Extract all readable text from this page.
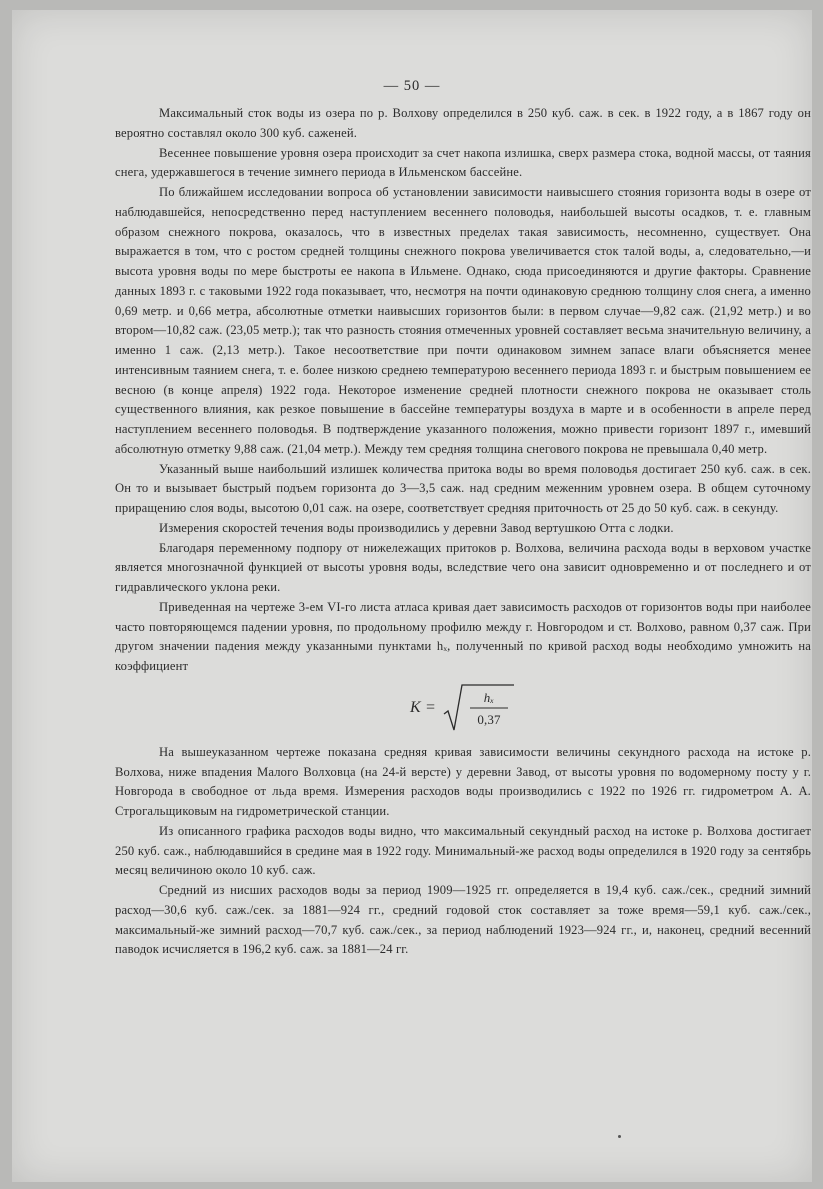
— 50 —

Максимальный сток воды из озера по р. Волхову определился в 250 куб. саж. в сек. в 1922 году, а в 1867 году он вероятно составлял около 300 куб. саженей.

Весеннее повышение уровня озера происходит за счет накопа излишка, сверх размера стока, водной массы, от таяния снега, удержавшегося в течение зимнего периода в Ильменском бассейне.

По ближайшем исследовании вопроса об установлении зависимости наивысшего стояния горизонта воды в озере от наблюдавшейся, непосредственно перед наступлением весеннего половодья, наибольшей высоты осадков, т. е. главным образом снежного покрова, оказалось, что в известных пределах такая зависимость, несомненно, существует. Она выражается в том, что с ростом средней толщины снежного покрова увеличивается сток талой воды, а, следовательно,—и высота уровня воды по мере быстроты ее накопа в Ильмене. Однако, сюда присоединяются и другие факторы. Сравнение данных 1893 г. с таковыми 1922 года показывает, что, несмотря на почти одинаковую среднюю толщину слоя снега, а именно 0,69 метр. и 0,66 метра, абсолютные отметки наивысших горизонтов были: в первом случае—9,82 саж. (21,92 метр.) и во втором—10,82 саж. (23,05 метр.); так что разность стояния отмеченных уровней составляет весьма значительную величину, а именно 1 саж. (2,13 метр.). Такое несоответствие при почти одинаковом зимнем запасе влаги объясняется менее интенсивным таянием снега, т. е. более низкою среднею температурою весеннего периода 1893 г. и быстрым повышением ее весною (в конце апреля) 1922 года. Некоторое изменение средней плотности снежного покрова не оказывает столь существенного влияния, как резкое повышение в бассейне температуры воздуха в марте и в особенности в апреле перед наступлением весеннего половодья. В подтверждение указанного положения, можно привести горизонт 1897 г., имевший абсолютную отметку 9,88 саж. (21,04 метр.). Между тем средняя толщина снегового покрова не превышала 0,40 метр.

Указанный выше наибольший излишек количества притока воды во время половодья достигает 250 куб. саж. в сек. Он то и вызывает быстрый подъем горизонта до 3—3,5 саж. над средним меженним уровнем озера. В общем суточному приращению слоя воды, высотою 0,01 саж. на озере, соответствует средняя приточность от 25 до 50 куб. саж. в секунду.

Измерения скоростей течения воды производились у деревни Завод вертушкою Отта с лодки.

Благодаря переменному подпору от нижележащих притоков р. Волхова, величина расхода воды в верховом участке является многозначной функцией от высоты уровня воды, вследствие чего она зависит одновременно и от последнего и от гидравлического уклона реки.

Приведенная на чертеже 3-ем VI-го листа атласа кривая дает зависимость расходов от горизонтов воды при наиболее часто повторяющемся падении уровня, по продольному профилю между г. Новгородом и ст. Волхово, равном 0,37 саж. При другом значении падения между указанными пунктами hₓ, полученный по кривой расход воды необходимо умножить на коэффициент

K =
hₓ
0,37

На вышеуказанном чертеже показана средняя кривая зависимости величины секундного расхода на истоке р. Волхова, ниже впадения Малого Волховца (на 24-й версте) у деревни Завод, от высоты уровня по водомерному посту у г. Новгорода в свободное от льда время. Измерения расходов воды производились с 1922 по 1926 гг. гидрометром А. А. Строгальщиковым на гидрометрической станции.

Из описанного графика расходов воды видно, что максимальный секундный расход на истоке р. Волхова достигает 250 куб. саж., наблюдавшийся в средине мая в 1922 году. Минимальный-же расход воды определился в 1920 году за сентябрь месяц величиною около 10 куб. саж.

Средний из нисших расходов воды за период 1909—1925 гг. определяется в 19,4 куб. саж./сек., средний зимний расход—30,6 куб. саж./сек. за 1881—924 гг., средний годовой сток составляет за тоже время—59,1 куб. саж./сек., максимальный-же зимний расход—70,7 куб. саж./сек., за период наблюдений 1923—924 гг., и, наконец, средний весенний паводок исчисляется в 196,2 куб. саж. за 1881—24 гг.
